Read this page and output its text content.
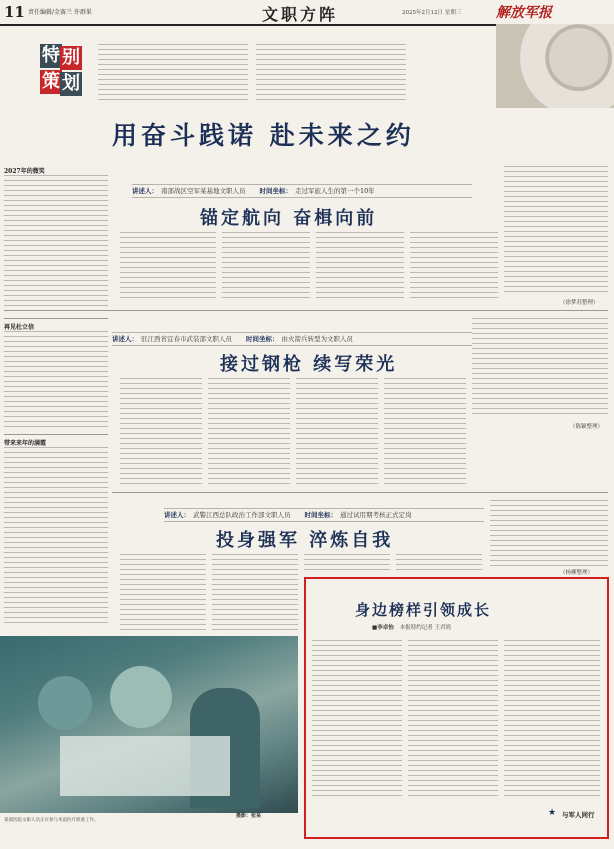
11 责任编辑/金赛兰 许群果	文职方阵	2025年2月12日 星期三 解放军报
特 别
策 划
用奋斗践诺 赴未来之约
2027年的微笑
再见杜立信
带来来年的满霞
讲述人： 南部战区空军某基地文职人员 时间坐标： 走过军旅人生的第一个10年
锚定航向 奋楫向前
（徐梦苏整理）
讲述人： 驻江西省宜春市武装部文职人员 时间坐标： 由火箭兵转型为文职人员
接过钢枪 续写荣光
（陈颖整理）
讲述人： 武警江西总队政治工作部文职人员 时间坐标： 通过试用期考核正式定岗
投身强军 淬炼自我
（杨柳整理）
摄影：张某
某部医院文职人员正在参与术前医疗准备工作。
身边榜样引领成长
■李卓怡 本报特约记者 王君鸿
★ 与军人同行
